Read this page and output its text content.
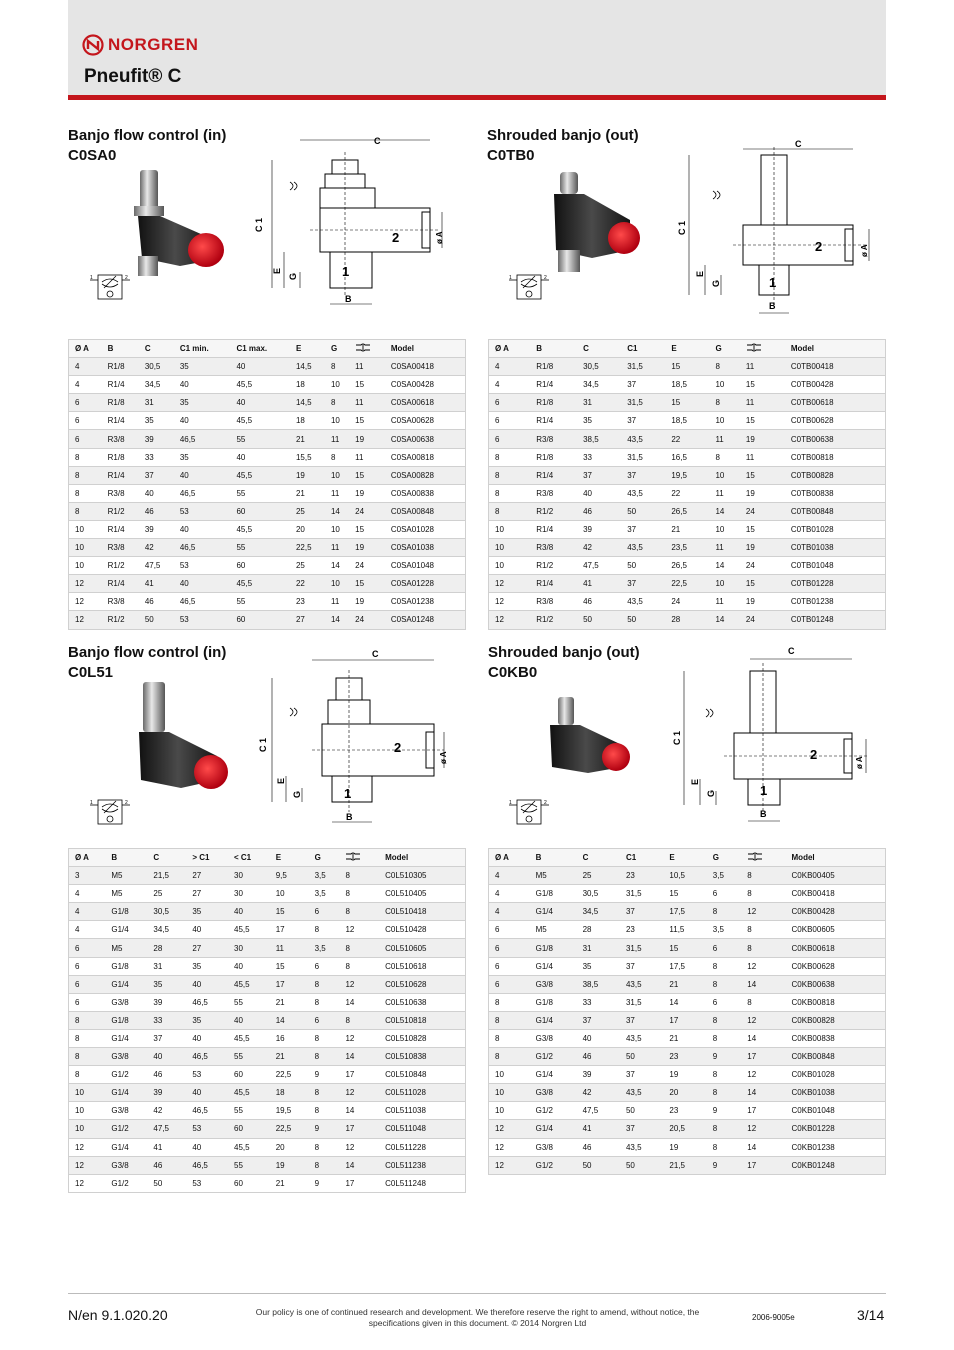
NORGREN
Pneufit® C
Banjo flow control (in)
C0SA0
1	2
C
C 1
E
G
B
ø A
2
1
Ø A	B	C	C1 min.	C1 max.	E	G		Model
4	R1/8	30,5	35	40	14,5	8	11	C0SA00418
4	R1/4	34,5	40	45,5	18	10	15	C0SA00428
6	R1/8	31	35	40	14,5	8	11	C0SA00618
6	R1/4	35	40	45,5	18	10	15	C0SA00628
6	R3/8	39	46,5	55	21	11	19	C0SA00638
8	R1/8	33	35	40	15,5	8	11	C0SA00818
8	R1/4	37	40	45,5	19	10	15	C0SA00828
8	R3/8	40	46,5	55	21	11	19	C0SA00838
8	R1/2	46	53	60	25	14	24	C0SA00848
10	R1/4	39	40	45,5	20	10	15	C0SA01028
10	R3/8	42	46,5	55	22,5	11	19	C0SA01038
10	R1/2	47,5	53	60	25	14	24	C0SA01048
12	R1/4	41	40	45,5	22	10	15	C0SA01228
12	R3/8	46	46,5	55	23	11	19	C0SA01238
12	R1/2	50	53	60	27	14	24	C0SA01248
Shrouded banjo (out)
C0TB0
1	2
C
C 1
E
G
B
ø A
2
1
Ø A	B	C	C1	E	G		Model
4	R1/8	30,5	31,5	15	8	11	C0TB00418
4	R1/4	34,5	37	18,5	10	15	C0TB00428
6	R1/8	31	31,5	15	8	11	C0TB00618
6	R1/4	35	37	18,5	10	15	C0TB00628
6	R3/8	38,5	43,5	22	11	19	C0TB00638
8	R1/8	33	31,5	16,5	8	11	C0TB00818
8	R1/4	37	37	19,5	10	15	C0TB00828
8	R3/8	40	43,5	22	11	19	C0TB00838
8	R1/2	46	50	26,5	14	24	C0TB00848
10	R1/4	39	37	21	10	15	C0TB01028
10	R3/8	42	43,5	23,5	11	19	C0TB01038
10	R1/2	47,5	50	26,5	14	24	C0TB01048
12	R1/4	41	37	22,5	10	15	C0TB01228
12	R3/8	46	43,5	24	11	19	C0TB01238
12	R1/2	50	50	28	14	24	C0TB01248
Banjo flow control (in)
C0L51
1	2
C
C 1
E
G
B
ø A
2
1
Ø A	B	C	> C1	< C1	E	G		Model
3	M5	21,5	27	30	9,5	3,5	8	C0L510305
4	M5	25	27	30	10	3,5	8	C0L510405
4	G1/8	30,5	35	40	15	6	8	C0L510418
4	G1/4	34,5	40	45,5	17	8	12	C0L510428
6	M5	28	27	30	11	3,5	8	C0L510605
6	G1/8	31	35	40	15	6	8	C0L510618
6	G1/4	35	40	45,5	17	8	12	C0L510628
6	G3/8	39	46,5	55	21	8	14	C0L510638
8	G1/8	33	35	40	14	6	8	C0L510818
8	G1/4	37	40	45,5	16	8	12	C0L510828
8	G3/8	40	46,5	55	21	8	14	C0L510838
8	G1/2	46	53	60	22,5	9	17	C0L510848
10	G1/4	39	40	45,5	18	8	12	C0L511028
10	G3/8	42	46,5	55	19,5	8	14	C0L511038
10	G1/2	47,5	53	60	22,5	9	17	C0L511048
12	G1/4	41	40	45,5	20	8	12	C0L511228
12	G3/8	46	46,5	55	19	8	14	C0L511238
12	G1/2	50	53	60	21	9	17	C0L511248
Shrouded banjo (out)
C0KB0
1	2
C
C 1
E
G
B
ø A
2
1
Ø A	B	C	C1	E	G		Model
4	M5	25	23	10,5	3,5	8	C0KB00405
4	G1/8	30,5	31,5	15	6	8	C0KB00418
4	G1/4	34,5	37	17,5	8	12	C0KB00428
6	M5	28	23	11,5	3,5	8	C0KB00605
6	G1/8	31	31,5	15	6	8	C0KB00618
6	G1/4	35	37	17,5	8	12	C0KB00628
6	G3/8	38,5	43,5	21	8	14	C0KB00638
8	G1/8	33	31,5	14	6	8	C0KB00818
8	G1/4	37	37	17	8	12	C0KB00828
8	G3/8	40	43,5	21	8	14	C0KB00838
8	G1/2	46	50	23	9	17	C0KB00848
10	G1/4	39	37	19	8	12	C0KB01028
10	G3/8	42	43,5	20	8	14	C0KB01038
10	G1/2	47,5	50	23	9	17	C0KB01048
12	G1/4	41	37	20,5	8	12	C0KB01228
12	G3/8	46	43,5	19	8	14	C0KB01238
12	G1/2	50	50	21,5	9	17	C0KB01248
N/en 9.1.020.20	Our policy is one of continued research and development. We therefore reserve the right to amend, without notice, the specifications given in this document. © 2014 Norgren Ltd
2006-9005e	3/14
